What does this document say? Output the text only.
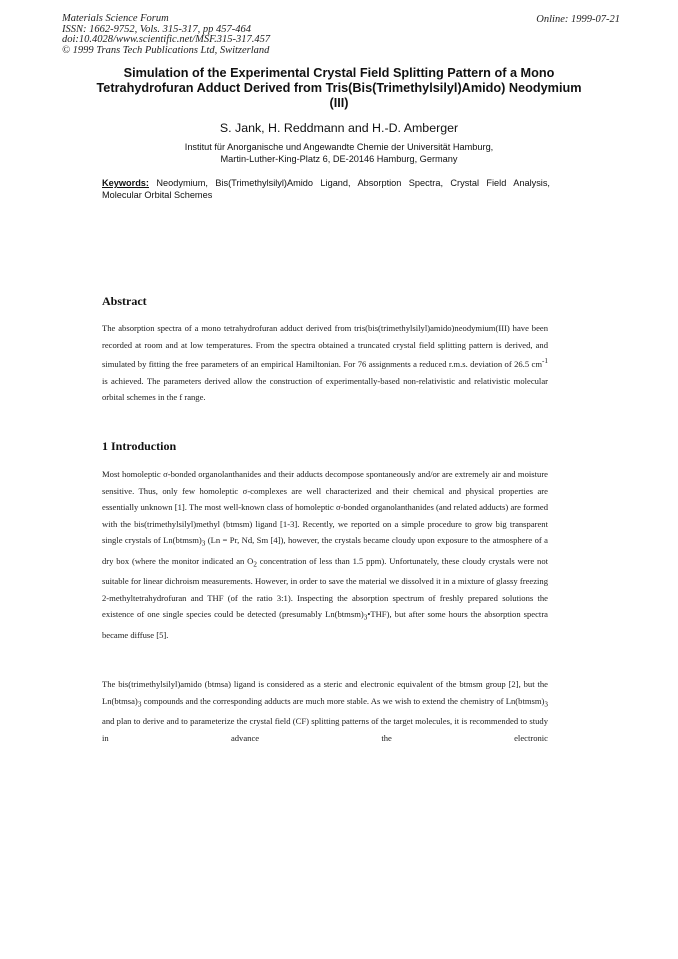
Materials Science Forum
ISSN: 1662-9752, Vols. 315-317, pp 457-464
doi:10.4028/www.scientific.net/MSF.315-317.457
© 1999 Trans Tech Publications Ltd, Switzerland
Online: 1999-07-21
Simulation of the Experimental Crystal Field Splitting Pattern of a Mono Tetrahydrofuran Adduct Derived from Tris(Bis(Trimethylsilyl)Amido) Neodymium (III)

S. Jank, H. Reddmann and H.-D. Amberger

Institut für Anorganische und Angewandte Chemie der Universität Hamburg,
Martin-Luther-King-Platz 6, DE-20146 Hamburg, Germany

Keywords: Neodymium, Bis(Trimethylsilyl)Amido Ligand, Absorption Spectra, Crystal Field Analysis, Molecular Orbital Schemes

Abstract

The absorption spectra of a mono tetrahydrofuran adduct derived from tris(bis(trimethylsilyl)amido)neodymium(III) have been recorded at room and at low temperatures. From the spectra obtained a truncated crystal field splitting pattern is derived, and simulated by fitting the free parameters of an empirical Hamiltonian. For 76 assignments a reduced r.m.s. deviation of 26.5 $cm^{-1}$ is achieved. The parameters derived allow the construction of experimentally-based non-relativistic and relativistic molecular orbital schemes in the f range.

1 Introduction

Most homoleptic σ-bonded organolanthanides and their adducts decompose spontaneously and/or are extremely air and moisture sensitive. Thus, only few homoleptic σ-complexes are well characterized and their chemical and physical properties are essentially unknown [1]. The most well-known class of homoleptic σ-bonded organolanthanides (and related adducts) are formed with the bis(trimethylsilyl)methyl (btmsm) ligand [1-3]. Recently, we reported on a simple procedure to grow big transparent single crystals of $Ln(btmsm)_3$ (Ln = Pr, Nd, Sm [4]), however, the crystals became cloudy upon exposure to the atmosphere of a dry box (where the monitor indicated an $O_2$ concentration of less than 1.5 ppm). Unfortunately, these cloudy crystals were not suitable for linear dichroism measurements. However, in order to save the material we dissolved it in a mixture of glassy freezing 2-methyltetrahydrofuran and THF (of the ratio 3:1). Inspecting the absorption spectrum of freshly prepared solutions the existence of one single species could be detected (presumably $Ln(btmsm)_3•THF$), but after some hours the absorption spectra became diffuse [5].

The bis(trimethylsilyl)amido (btmsa) ligand is considered as a steric and electronic equivalent of the btmsm group [2], but the $Ln(btmsa)_3$ compounds and the corresponding adducts are much more stable. As we wish to extend the chemistry of $Ln(btmsm)_3$ and plan to derive and to parameterize the crystal field (CF) splitting patterns of the target molecules, it is recommended to study in advance the electronic
